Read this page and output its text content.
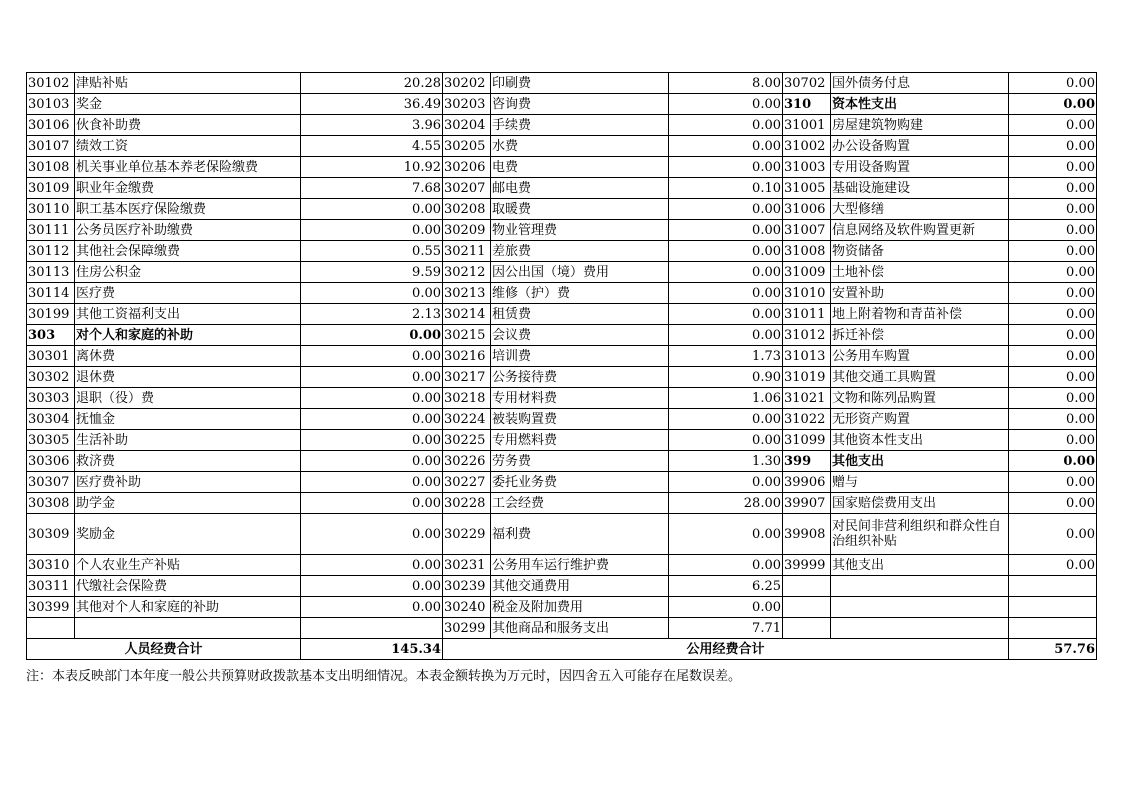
30102	津贴补贴	20.28	30202	印刷费	8.00	30702	国外债务付息	0.00
30103	奖金	36.49	30203	咨询费	0.00	310	资本性支出	0.00
30106	伙食补助费	3.96	30204	手续费	0.00	31001	房屋建筑物购建	0.00
30107	绩效工资	4.55	30205	水费	0.00	31002	办公设备购置	0.00
30108	机关事业单位基本养老保险缴费	10.92	30206	电费	0.00	31003	专用设备购置	0.00
30109	职业年金缴费	7.68	30207	邮电费	0.10	31005	基础设施建设	0.00
30110	职工基本医疗保险缴费	0.00	30208	取暖费	0.00	31006	大型修缮	0.00
30111	公务员医疗补助缴费	0.00	30209	物业管理费	0.00	31007	信息网络及软件购置更新	0.00
30112	其他社会保障缴费	0.55	30211	差旅费	0.00	31008	物资储备	0.00
30113	住房公积金	9.59	30212	因公出国（境）费用	0.00	31009	土地补偿	0.00
30114	医疗费	0.00	30213	维修（护）费	0.00	31010	安置补助	0.00
30199	其他工资福利支出	2.13	30214	租赁费	0.00	31011	地上附着物和青苗补偿	0.00
303	对个人和家庭的补助	0.00	30215	会议费	0.00	31012	拆迁补偿	0.00
30301	离休费	0.00	30216	培训费	1.73	31013	公务用车购置	0.00
30302	退休费	0.00	30217	公务接待费	0.90	31019	其他交通工具购置	0.00
30303	退职（役）费	0.00	30218	专用材料费	1.06	31021	文物和陈列品购置	0.00
30304	抚恤金	0.00	30224	被装购置费	0.00	31022	无形资产购置	0.00
30305	生活补助	0.00	30225	专用燃料费	0.00	31099	其他资本性支出	0.00
30306	救济费	0.00	30226	劳务费	1.30	399	其他支出	0.00
30307	医疗费补助	0.00	30227	委托业务费	0.00	39906	赠与	0.00
30308	助学金	0.00	30228	工会经费	28.00	39907	国家赔偿费用支出	0.00
30309	奖励金	0.00	30229	福利费	0.00	39908	对民间非营利组织和群众性自治组织补贴	0.00
30310	个人农业生产补贴	0.00	30231	公务用车运行维护费	0.00	39999	其他支出	0.00
30311	代缴社会保险费	0.00	30239	其他交通费用	6.25			
30399	其他对个人和家庭的补助	0.00	30240	税金及附加费用	0.00			
			30299	其他商品和服务支出	7.71			
人员经费合计		145.34	公用经费合计					57.76
注：本表反映部门本年度一般公共预算财政拨款基本支出明细情况。本表金额转换为万元时，因四舍五入可能存在尾数误差。
